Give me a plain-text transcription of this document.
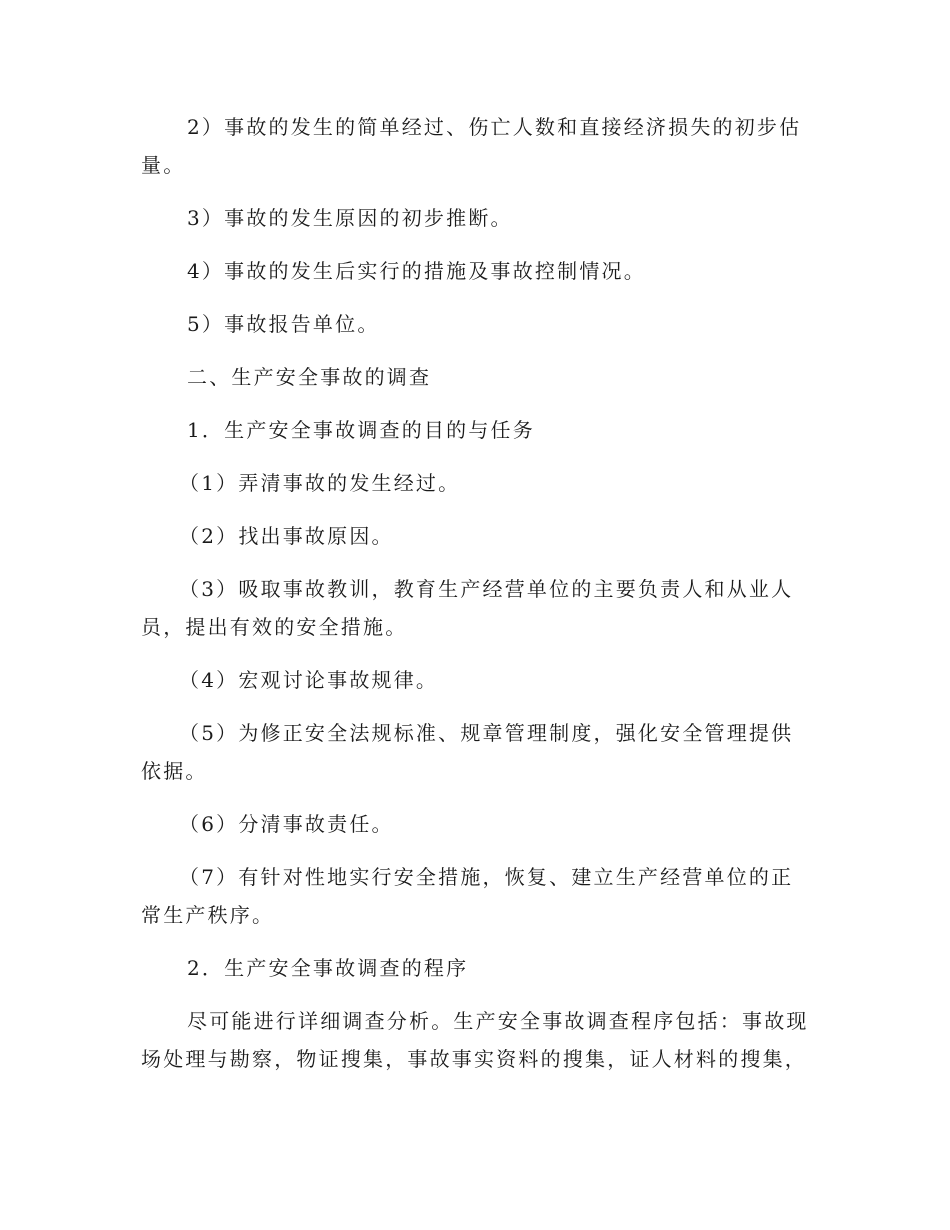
2）事故的发生的简单经过、伤亡人数和直接经济损失的初步估量。

3）事故的发生原因的初步推断。

4）事故的发生后实行的措施及事故控制情况。

5）事故报告单位。

二、生产安全事故的调查

1．生产安全事故调查的目的与任务

（1）弄清事故的发生经过。

（2）找出事故原因。

（3）吸取事故教训，教育生产经营单位的主要负责人和从业人员，提出有效的安全措施。

（4）宏观讨论事故规律。

（5）为修正安全法规标准、规章管理制度，强化安全管理提供依据。

（6）分清事故责任。

（7）有针对性地实行安全措施，恢复、建立生产经营单位的正常生产秩序。

2．生产安全事故调查的程序

尽可能进行详细调查分析。生产安全事故调查程序包括：事故现场处理与勘察，物证搜集，事故事实资料的搜集，证人材料的搜集，
